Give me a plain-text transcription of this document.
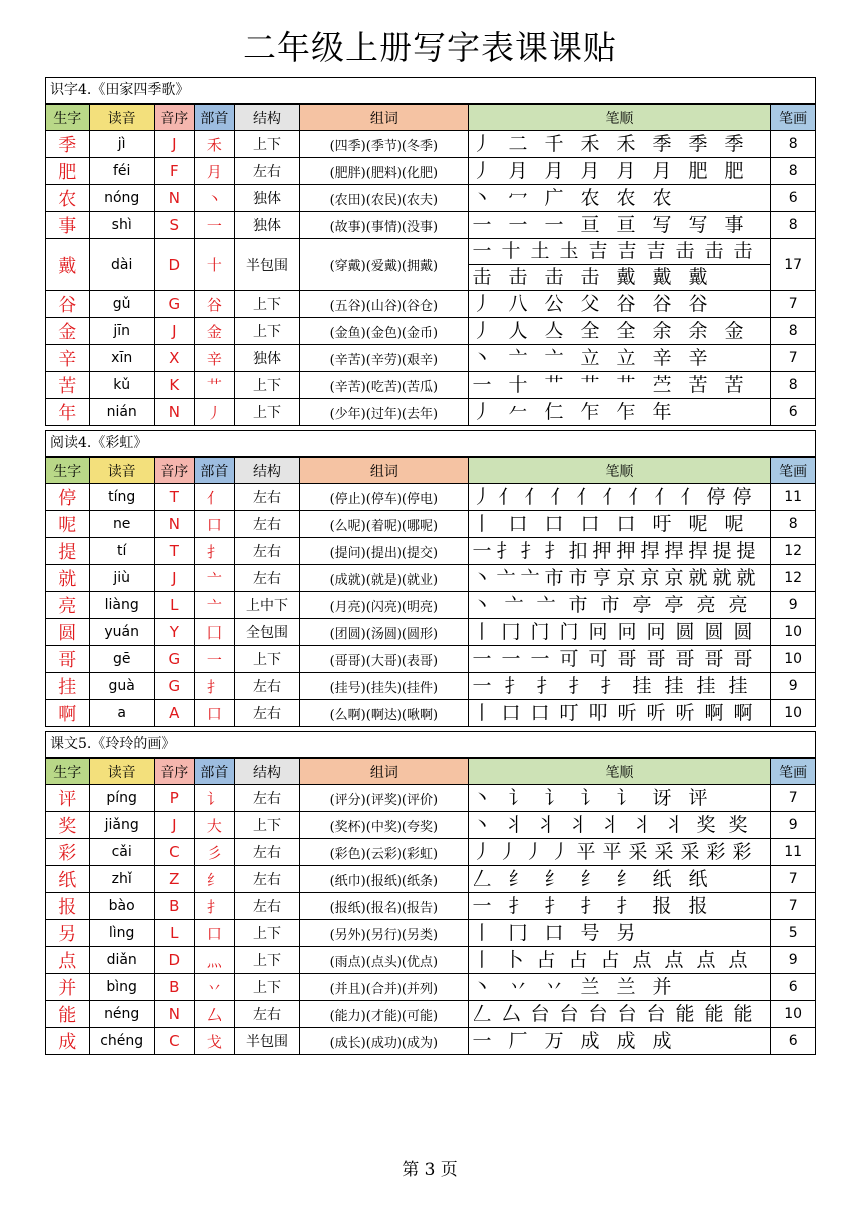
二年级上册写字表课课贴
识字4.《田家四季歌》
生字	读音	音序	部首	结构	组词	笔顺	笔画
季	jì	J	禾	上下	(四季)(季节)(冬季)	丿 二 千 禾 禾 季 季 季	8
肥	féi	F	月	左右	(肥胖)(肥料)(化肥)	丿 月 月 月 月 月 肥 肥	8
农	nóng	N	丶	独体	(农田)(农民)(农夫)	丶 冖 广 农 农 农	6
事	shì	S	一	独体	(故事)(事情)(没事)	一 一 一 亘 亘 写 写 事	8
戴	dài	D	十	半包围	(穿戴)(爱戴)(拥戴)	一 十 土 圡 吉 吉 吉 击 击 击
击 击 击 击 戴 戴 戴	17
谷	gǔ	G	谷	上下	(五谷)(山谷)(谷仓)	丿 八 公 父 谷 谷 谷	7
金	jīn	J	金	上下	(金鱼)(金色)(金币)	丿 人 亼 全 全 余 余 金	8
辛	xīn	X	辛	独体	(辛苦)(辛劳)(艰辛)	丶 亠 亠 立 立 辛 辛	7
苦	kǔ	K	艹	上下	(辛苦)(吃苦)(苦瓜)	一 十 艹 艹 艹 苎 苦 苦	8
年	nián	N	丿	上下	(少年)(过年)(去年)	丿 𠂉 仁 乍 乍 年	6
阅读4.《彩虹》
生字	读音	音序	部首	结构	组词	笔顺	笔画
停	tíng	T	亻	左右	(停止)(停车)(停电)	丿 亻 亻 亻 亻 亻 亻 亻 亻 停 停	11
呢	ne	N	口	左右	(么呢)(着呢)(哪呢)	丨 口 口 口 口 吁 呢 呢	8
提	tí	T	扌	左右	(提问)(提出)(提交)	一 扌 扌 扌 扣 押 押 捍 捍 捍 提 提	12
就	jiù	J	亠	左右	(成就)(就是)(就业)	丶 亠 亠 市 市 亨 京 京 京 就 就 就	12
亮	liàng	L	亠	上中下	(月亮)(闪亮)(明亮)	丶 亠 亠 市 市 亭 亭 亮 亮	9
圆	yuán	Y	囗	全包围	(团圆)(汤圆)(圆形)	丨 冂 门 门 冋 冋 冋 圆 圆 圆	10
哥	gē	G	一	上下	(哥哥)(大哥)(表哥)	一 一 一 可 可 哥 哥 哥 哥 哥	10
挂	guà	G	扌	左右	(挂号)(挂失)(挂件)	一 扌 扌 扌 扌 挂 挂 挂 挂	9
啊	a	A	口	左右	(么啊)(啊达)(啾啊)	丨 口 口 叮 叩 听 听 听 啊 啊	10
课文5.《玲玲的画》
生字	读音	音序	部首	结构	组词	笔顺	笔画
评	píng	P	讠	左右	(评分)(评奖)(评价)	丶 讠 讠 讠 讠 讶 评	7
奖	jiǎng	J	大	上下	(奖杯)(中奖)(夸奖)	丶 丬 丬 丬 丬 丬 丬 奖 奖	9
彩	cǎi	C	彡	左右	(彩色)(云彩)(彩虹)	丿 丿 丿 丿 平 平 采 采 采 彩 彩	11
纸	zhǐ	Z	纟	左右	(纸巾)(报纸)(纸条)	𠃋 纟 纟 纟 纟 纸 纸	7
报	bào	B	扌	左右	(报纸)(报名)(报告)	一 扌 扌 扌 扌 报 报	7
另	lìng	L	口	上下	(另外)(另行)(另类)	丨 冂 口 号 另	5
点	diǎn	D	灬	上下	(雨点)(点头)(优点)	丨 卜 占 占 占 点 点 点 点	9
并	bìng	B	丷	上下	(并且)(合并)(并列)	丶 丷 丷 兰 兰 并	6
能	néng	N	厶	左右	(能力)(才能)(可能)	𠃋 厶 台 台 台 台 台 能 能 能	10
成	chéng	C	戈	半包围	(成长)(成功)(成为)	一 厂 万 成 成 成	6
第 3 页
